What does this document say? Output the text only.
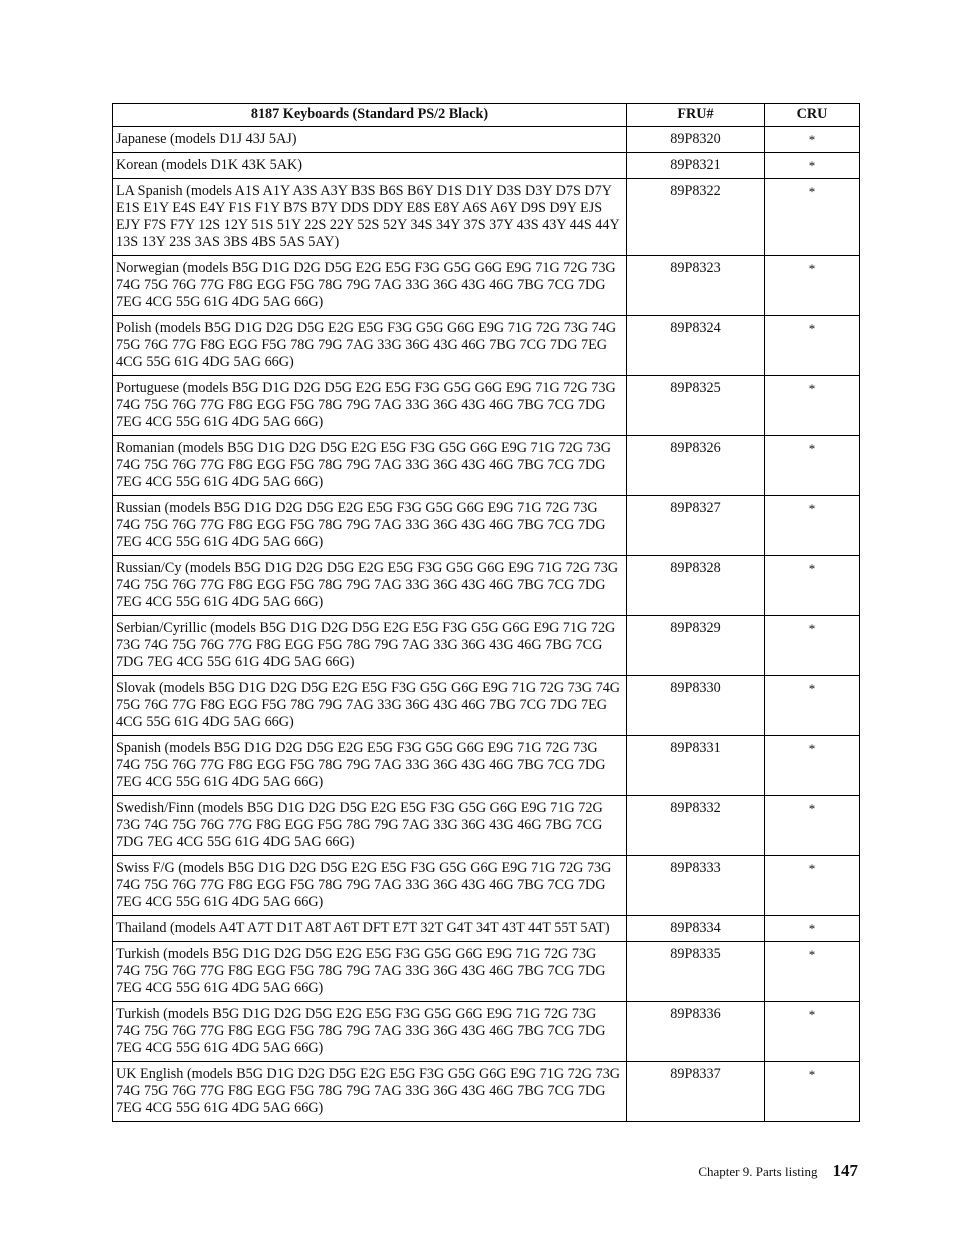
8187 Keyboards (Standard PS/2 Black)	FRU#	CRU
Japanese (models D1J 43J 5AJ)	89P8320	*
Korean (models D1K 43K 5AK)	89P8321	*
LA Spanish (models A1S A1Y A3S A3Y B3S B6S B6Y D1S D1Y D3S D3Y D7S D7Y E1S E1Y E4S E4Y F1S F1Y B7S B7Y DDS DDY E8S E8Y A6S A6Y D9S D9Y EJS EJY F7S F7Y 12S 12Y 51S 51Y 22S 22Y 52S 52Y 34S 34Y 37S 37Y 43S 43Y 44S 44Y 13S 13Y 23S 3AS 3BS 4BS 5AS 5AY)	89P8322	*
Norwegian (models B5G D1G D2G D5G E2G E5G F3G G5G G6G E9G 71G 72G 73G 74G 75G 76G 77G F8G EGG F5G 78G 79G 7AG 33G 36G 43G 46G 7BG 7CG 7DG 7EG 4CG 55G 61G 4DG 5AG 66G)	89P8323	*
Polish (models B5G D1G D2G D5G E2G E5G F3G G5G G6G E9G 71G 72G 73G 74G 75G 76G 77G F8G EGG F5G 78G 79G 7AG 33G 36G 43G 46G 7BG 7CG 7DG 7EG 4CG 55G 61G 4DG 5AG 66G)	89P8324	*
Portuguese (models B5G D1G D2G D5G E2G E5G F3G G5G G6G E9G 71G 72G 73G 74G 75G 76G 77G F8G EGG F5G 78G 79G 7AG 33G 36G 43G 46G 7BG 7CG 7DG 7EG 4CG 55G 61G 4DG 5AG 66G)	89P8325	*
Romanian (models B5G D1G D2G D5G E2G E5G F3G G5G G6G E9G 71G 72G 73G 74G 75G 76G 77G F8G EGG F5G 78G 79G 7AG 33G 36G 43G 46G 7BG 7CG 7DG 7EG 4CG 55G 61G 4DG 5AG 66G)	89P8326	*
Russian (models B5G D1G D2G D5G E2G E5G F3G G5G G6G E9G 71G 72G 73G 74G 75G 76G 77G F8G EGG F5G 78G 79G 7AG 33G 36G 43G 46G 7BG 7CG 7DG 7EG 4CG 55G 61G 4DG 5AG 66G)	89P8327	*
Russian/Cy (models B5G D1G D2G D5G E2G E5G F3G G5G G6G E9G 71G 72G 73G 74G 75G 76G 77G F8G EGG F5G 78G 79G 7AG 33G 36G 43G 46G 7BG 7CG 7DG 7EG 4CG 55G 61G 4DG 5AG 66G)	89P8328	*
Serbian/Cyrillic (models B5G D1G D2G D5G E2G E5G F3G G5G G6G E9G 71G 72G 73G 74G 75G 76G 77G F8G EGG F5G 78G 79G 7AG 33G 36G 43G 46G 7BG 7CG 7DG 7EG 4CG 55G 61G 4DG 5AG 66G)	89P8329	*
Slovak (models B5G D1G D2G D5G E2G E5G F3G G5G G6G E9G 71G 72G 73G 74G 75G 76G 77G F8G EGG F5G 78G 79G 7AG 33G 36G 43G 46G 7BG 7CG 7DG 7EG 4CG 55G 61G 4DG 5AG 66G)	89P8330	*
Spanish (models B5G D1G D2G D5G E2G E5G F3G G5G G6G E9G 71G 72G 73G 74G 75G 76G 77G F8G EGG F5G 78G 79G 7AG 33G 36G 43G 46G 7BG 7CG 7DG 7EG 4CG 55G 61G 4DG 5AG 66G)	89P8331	*
Swedish/Finn (models B5G D1G D2G D5G E2G E5G F3G G5G G6G E9G 71G 72G 73G 74G 75G 76G 77G F8G EGG F5G 78G 79G 7AG 33G 36G 43G 46G 7BG 7CG 7DG 7EG 4CG 55G 61G 4DG 5AG 66G)	89P8332	*
Swiss F/G (models B5G D1G D2G D5G E2G E5G F3G G5G G6G E9G 71G 72G 73G 74G 75G 76G 77G F8G EGG F5G 78G 79G 7AG 33G 36G 43G 46G 7BG 7CG 7DG 7EG 4CG 55G 61G 4DG 5AG 66G)	89P8333	*
Thailand (models A4T A7T D1T A8T A6T DFT E7T 32T G4T 34T 43T 44T 55T 5AT)	89P8334	*
Turkish (models B5G D1G D2G D5G E2G E5G F3G G5G G6G E9G 71G 72G 73G 74G 75G 76G 77G F8G EGG F5G 78G 79G 7AG 33G 36G 43G 46G 7BG 7CG 7DG 7EG 4CG 55G 61G 4DG 5AG 66G)	89P8335	*
Turkish (models B5G D1G D2G D5G E2G E5G F3G G5G G6G E9G 71G 72G 73G 74G 75G 76G 77G F8G EGG F5G 78G 79G 7AG 33G 36G 43G 46G 7BG 7CG 7DG 7EG 4CG 55G 61G 4DG 5AG 66G)	89P8336	*
UK English (models B5G D1G D2G D5G E2G E5G F3G G5G G6G E9G 71G 72G 73G 74G 75G 76G 77G F8G EGG F5G 78G 79G 7AG 33G 36G 43G 46G 7BG 7CG 7DG 7EG 4CG 55G 61G 4DG 5AG 66G)	89P8337	*
Chapter 9. Parts listing 147
